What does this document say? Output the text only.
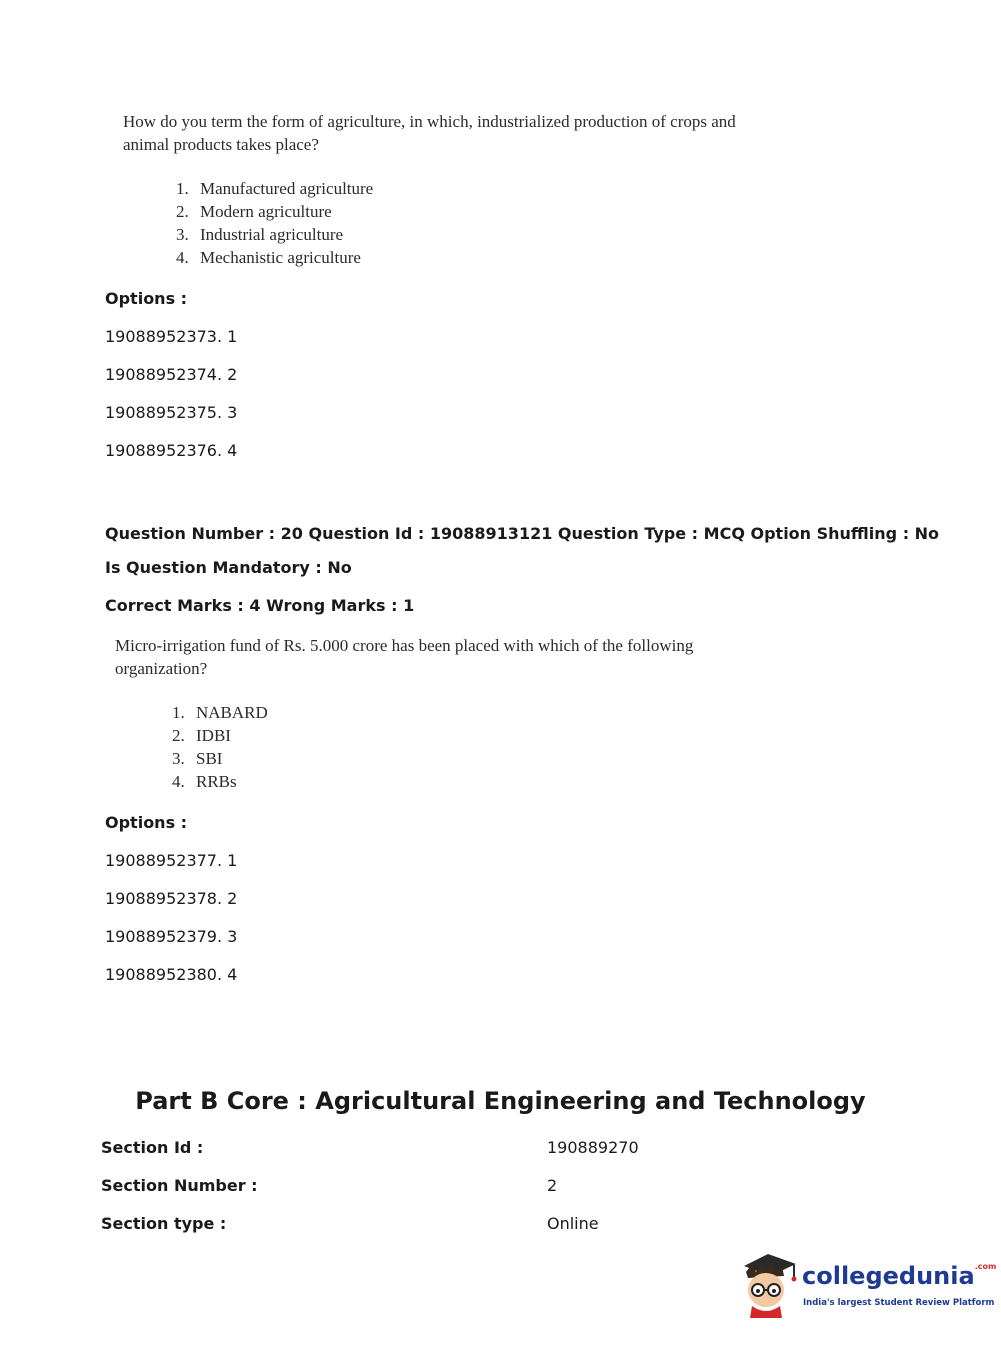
How do you term the form of agriculture, in which, industrialized production of crops and
animal products takes place?
1. Manufactured agriculture
2. Modern agriculture
3. Industrial agriculture
4. Mechanistic agriculture
Options :
19088952373. 1
19088952374. 2
19088952375. 3
19088952376. 4
Question Number : 20 Question Id : 19088913121 Question Type : MCQ Option Shuffling : No
Is Question Mandatory : No
Correct Marks : 4 Wrong Marks : 1
Micro-irrigation fund of Rs. 5.000 crore has been placed with which of the following
organization?
1. NABARD
2. IDBI
3. SBI
4. RRBs
Options :
19088952377. 1
19088952378. 2
19088952379. 3
19088952380. 4
Part B Core : Agricultural Engineering and Technology
Section Id :	190889270
Section Number :	2
Section type :	Online
collegedunia$^{.com}$
India's largest Student Review Platform
